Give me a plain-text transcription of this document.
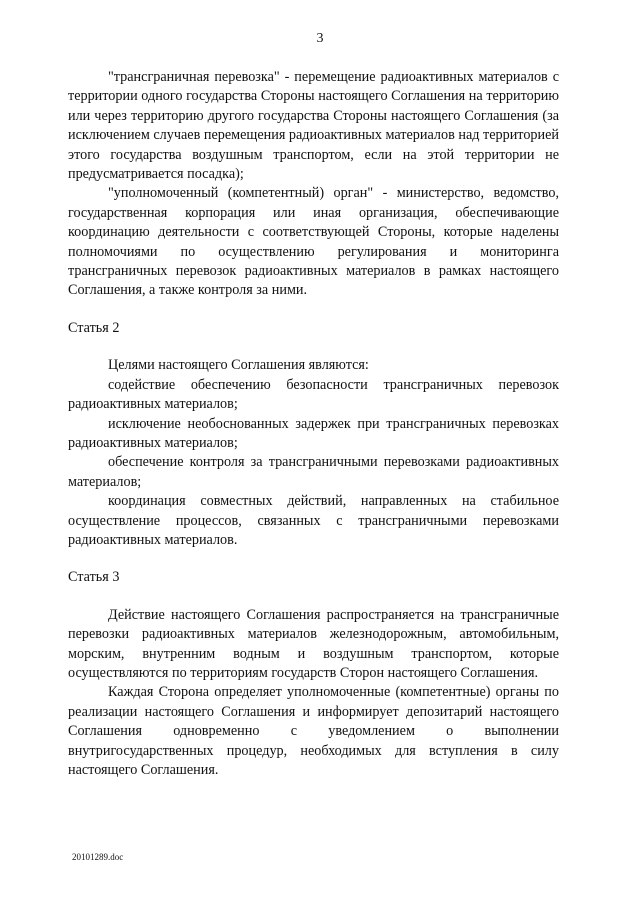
3

"трансграничная перевозка" - перемещение радиоактивных материалов с территории одного государства Стороны настоящего Соглашения на территорию или через территорию другого государства Стороны настоящего Соглашения (за исключением случаев перемещения радиоактивных материалов над территорией этого государства воздушным транспортом, если на этой территории не предусматривается посадка);

"уполномоченный (компетентный) орган" - министерство, ведомство, государственная корпорация или иная организация, обеспечивающие координацию деятельности с соответствующей Стороны, которые наделены полномочиями по осуществлению регулирования и мониторинга трансграничных перевозок радиоактивных материалов в рамках настоящего Соглашения, а также контроля за ними.

Статья 2

Целями настоящего Соглашения являются:

содействие обеспечению безопасности трансграничных перевозок радиоактивных материалов;

исключение необоснованных задержек при трансграничных перевозках радиоактивных материалов;

обеспечение контроля за трансграничными перевозками радиоактивных материалов;

координация совместных действий, направленных на стабильное осуществление процессов, связанных с трансграничными перевозками радиоактивных материалов.

Статья 3

Действие настоящего Соглашения распространяется на трансграничные перевозки радиоактивных материалов железнодорожным, автомобильным, морским, внутренним водным и воздушным транспортом, которые осуществляются по территориям государств Сторон настоящего Соглашения.

Каждая Сторона определяет уполномоченные (компетентные) органы по реализации настоящего Соглашения и информирует депозитарий настоящего Соглашения одновременно с уведомлением о выполнении внутригосударственных процедур, необходимых для вступления в силу настоящего Соглашения.

20101289.doc
